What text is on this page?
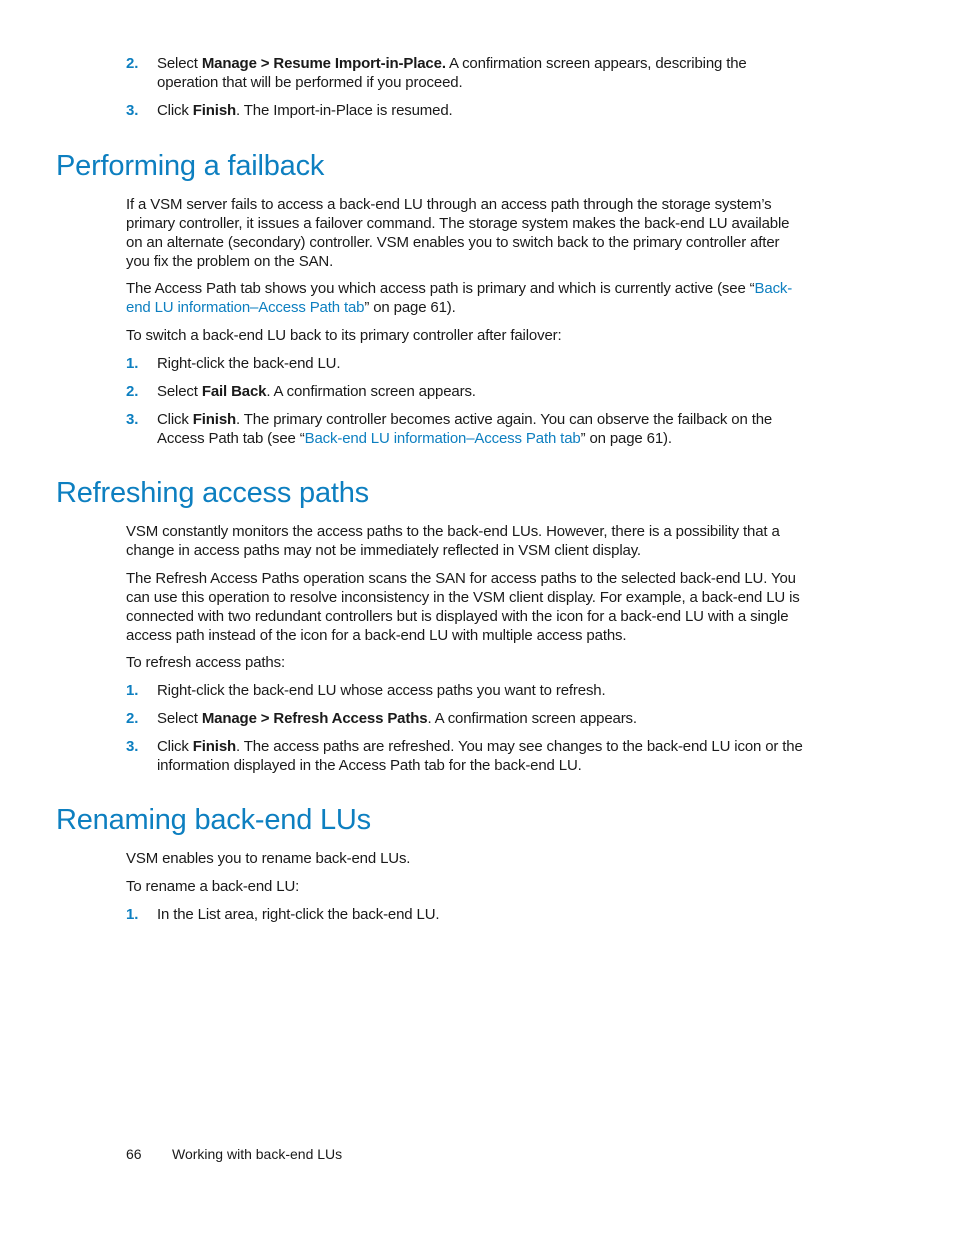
2.	Select Manage > Resume Import-in-Place. A confirmation screen appears, describing the operation that will be performed if you proceed.
3.	Click Finish. The Import-in-Place is resumed.
Performing a failback

If a VSM server fails to access a back-end LU through an access path through the storage system’s primary controller, it issues a failover command. The storage system makes the back-end LU available on an alternate (secondary) controller. VSM enables you to switch back to the primary controller after you fix the problem on the SAN.

The Access Path tab shows you which access path is primary and which is currently active (see “Back-end LU information–Access Path tab” on page 61).

To switch a back-end LU back to its primary controller after failover:

1.	Right-click the back-end LU.
2.	Select Fail Back. A confirmation screen appears.
3.	Click Finish. The primary controller becomes active again. You can observe the failback on the Access Path tab (see “Back-end LU information–Access Path tab” on page 61).
Refreshing access paths

VSM constantly monitors the access paths to the back-end LUs. However, there is a possibility that a change in access paths may not be immediately reflected in VSM client display.

The Refresh Access Paths operation scans the SAN for access paths to the selected back-end LU. You can use this operation to resolve inconsistency in the VSM client display. For example, a back-end LU is connected with two redundant controllers but is displayed with the icon for a back-end LU with a single access path instead of the icon for a back-end LU with multiple access paths.

To refresh access paths:

1.	Right-click the back-end LU whose access paths you want to refresh.
2.	Select Manage > Refresh Access Paths. A confirmation screen appears.
3.	Click Finish. The access paths are refreshed. You may see changes to the back-end LU icon or the information displayed in the Access Path tab for the back-end LU.
Renaming back-end LUs

VSM enables you to rename back-end LUs.

To rename a back-end LU:

1.	In the List area, right-click the back-end LU.
66 Working with back-end LUs
